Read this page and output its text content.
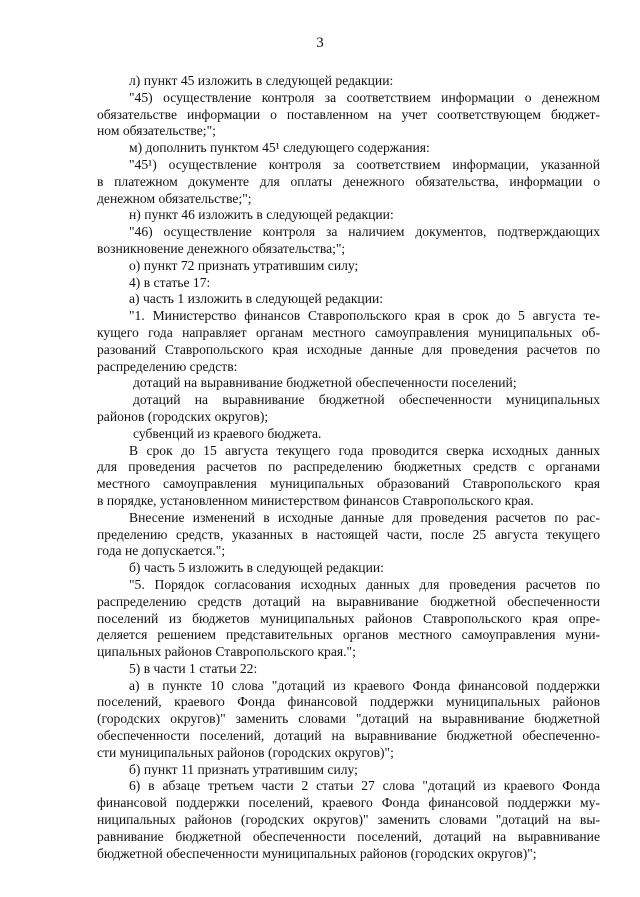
3
л) пункт 45 изложить в следующей редакции:
"45) осуществление контроля за соответствием информации о денежном
обязательстве информации о поставленном на учет соответствующем бюджет-
ном обязательстве;";
м) дополнить пунктом 45¹ следующего содержания:
"45¹) осуществление контроля за соответствием информации, указанной
в платежном документе для оплаты денежного обязательства, информации о
денежном обязательстве;";
н) пункт 46 изложить в следующей редакции:
"46) осуществление контроля за наличием документов, подтверждающих
возникновение денежного обязательства;";
о) пункт 72 признать утратившим силу;
4) в статье 17:
а) часть 1 изложить в следующей редакции:
"1. Министерство финансов Ставропольского края в срок до 5 августа те-
кущего года направляет органам местного самоуправления муниципальных об-
разований Ставропольского края исходные данные для проведения расчетов по
распределению средств:
дотаций на выравнивание бюджетной обеспеченности поселений;
дотаций на выравнивание бюджетной обеспеченности муниципальных
районов (городских округов);
субвенций из краевого бюджета.
В срок до 15 августа текущего года проводится сверка исходных данных
для проведения расчетов по распределению бюджетных средств с органами
местного самоуправления муниципальных образований Ставропольского края
в порядке, установленном министерством финансов Ставропольского края.
Внесение изменений в исходные данные для проведения расчетов по рас-
пределению средств, указанных в настоящей части, после 25 августа текущего
года не допускается.";
б) часть 5 изложить в следующей редакции:
"5. Порядок согласования исходных данных для проведения расчетов по
распределению средств дотаций на выравнивание бюджетной обеспеченности
поселений из бюджетов муниципальных районов Ставропольского края опре-
деляется решением представительных органов местного самоуправления муни-
ципальных районов Ставропольского края.";
5) в части 1 статьи 22:
а) в пункте 10 слова "дотаций из краевого Фонда финансовой поддержки
поселений, краевого Фонда финансовой поддержки муниципальных районов
(городских округов)" заменить словами "дотаций на выравнивание бюджетной
обеспеченности поселений, дотаций на выравнивание бюджетной обеспеченно-
сти муниципальных районов (городских округов)";
б) пункт 11 признать утратившим силу;
6) в абзаце третьем части 2 статьи 27 слова "дотаций из краевого Фонда
финансовой поддержки поселений, краевого Фонда финансовой поддержки му-
ниципальных районов (городских округов)" заменить словами "дотаций на вы-
равнивание бюджетной обеспеченности поселений, дотаций на выравнивание
бюджетной обеспеченности муниципальных районов (городских округов)";
